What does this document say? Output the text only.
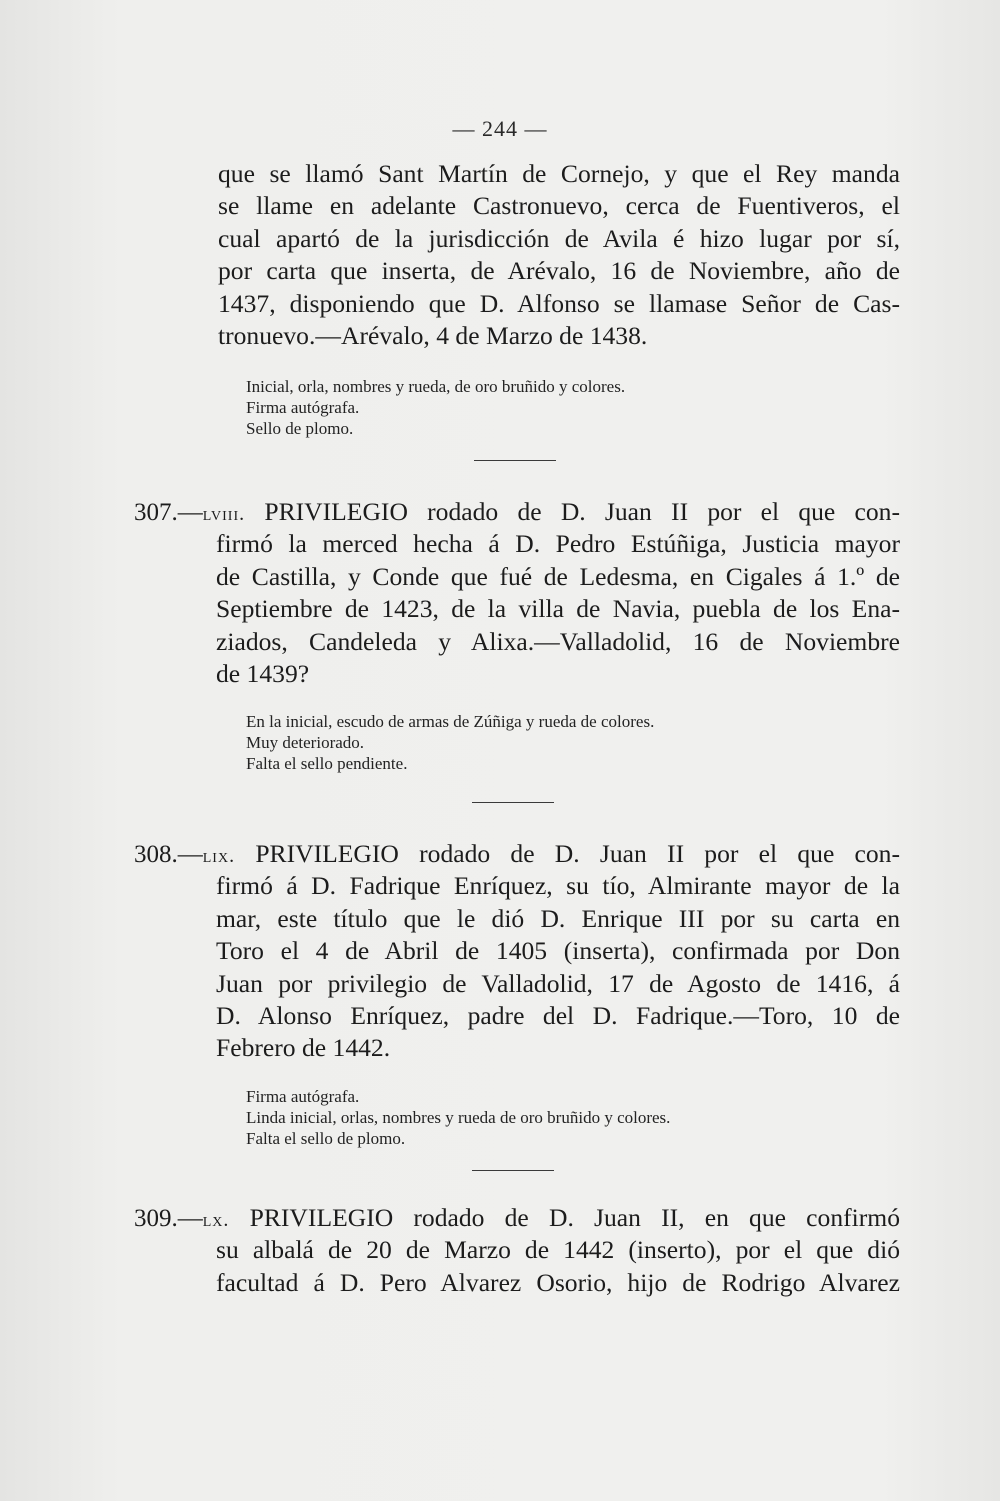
— 244 —
que se llamó Sant Martín de Cornejo, y que el Rey manda
se llame en adelante Castronuevo, cerca de Fuentiveros, el
cual apartó de la jurisdicción de Avila é hizo lugar por sí,
por carta que inserta, de Arévalo, 16 de Noviembre, año de
1437, disponiendo que D. Alfonso se llamase Señor de Cas-
tronuevo.—Arévalo, 4 de Marzo de 1438.
Inicial, orla, nombres y rueda, de oro bruñido y colores.
Firma autógrafa.
Sello de plomo.
307.—lviii. PRIVILEGIO rodado de D. Juan II por el que con-
firmó la merced hecha á D. Pedro Estúñiga, Justicia mayor
de Castilla, y Conde que fué de Ledesma, en Cigales á 1.º de
Septiembre de 1423, de la villa de Navia, puebla de los Ena-
ziados, Candeleda y Alixa.—Valladolid, 16 de Noviembre
de 1439?
En la inicial, escudo de armas de Zúñiga y rueda de colores.
Muy deteriorado.
Falta el sello pendiente.
308.—lix. PRIVILEGIO rodado de D. Juan II por el que con-
firmó á D. Fadrique Enríquez, su tío, Almirante mayor de la
mar, este título que le dió D. Enrique III por su carta en
Toro el 4 de Abril de 1405 (inserta), confirmada por Don
Juan por privilegio de Valladolid, 17 de Agosto de 1416, á
D. Alonso Enríquez, padre del D. Fadrique.—Toro, 10 de
Febrero de 1442.
Firma autógrafa.
Linda inicial, orlas, nombres y rueda de oro bruñido y colores.
Falta el sello de plomo.
309.—lx. PRIVILEGIO rodado de D. Juan II, en que confirmó
su albalá de 20 de Marzo de 1442 (inserto), por el que dió
facultad á D. Pero Alvarez Osorio, hijo de Rodrigo Alvarez
